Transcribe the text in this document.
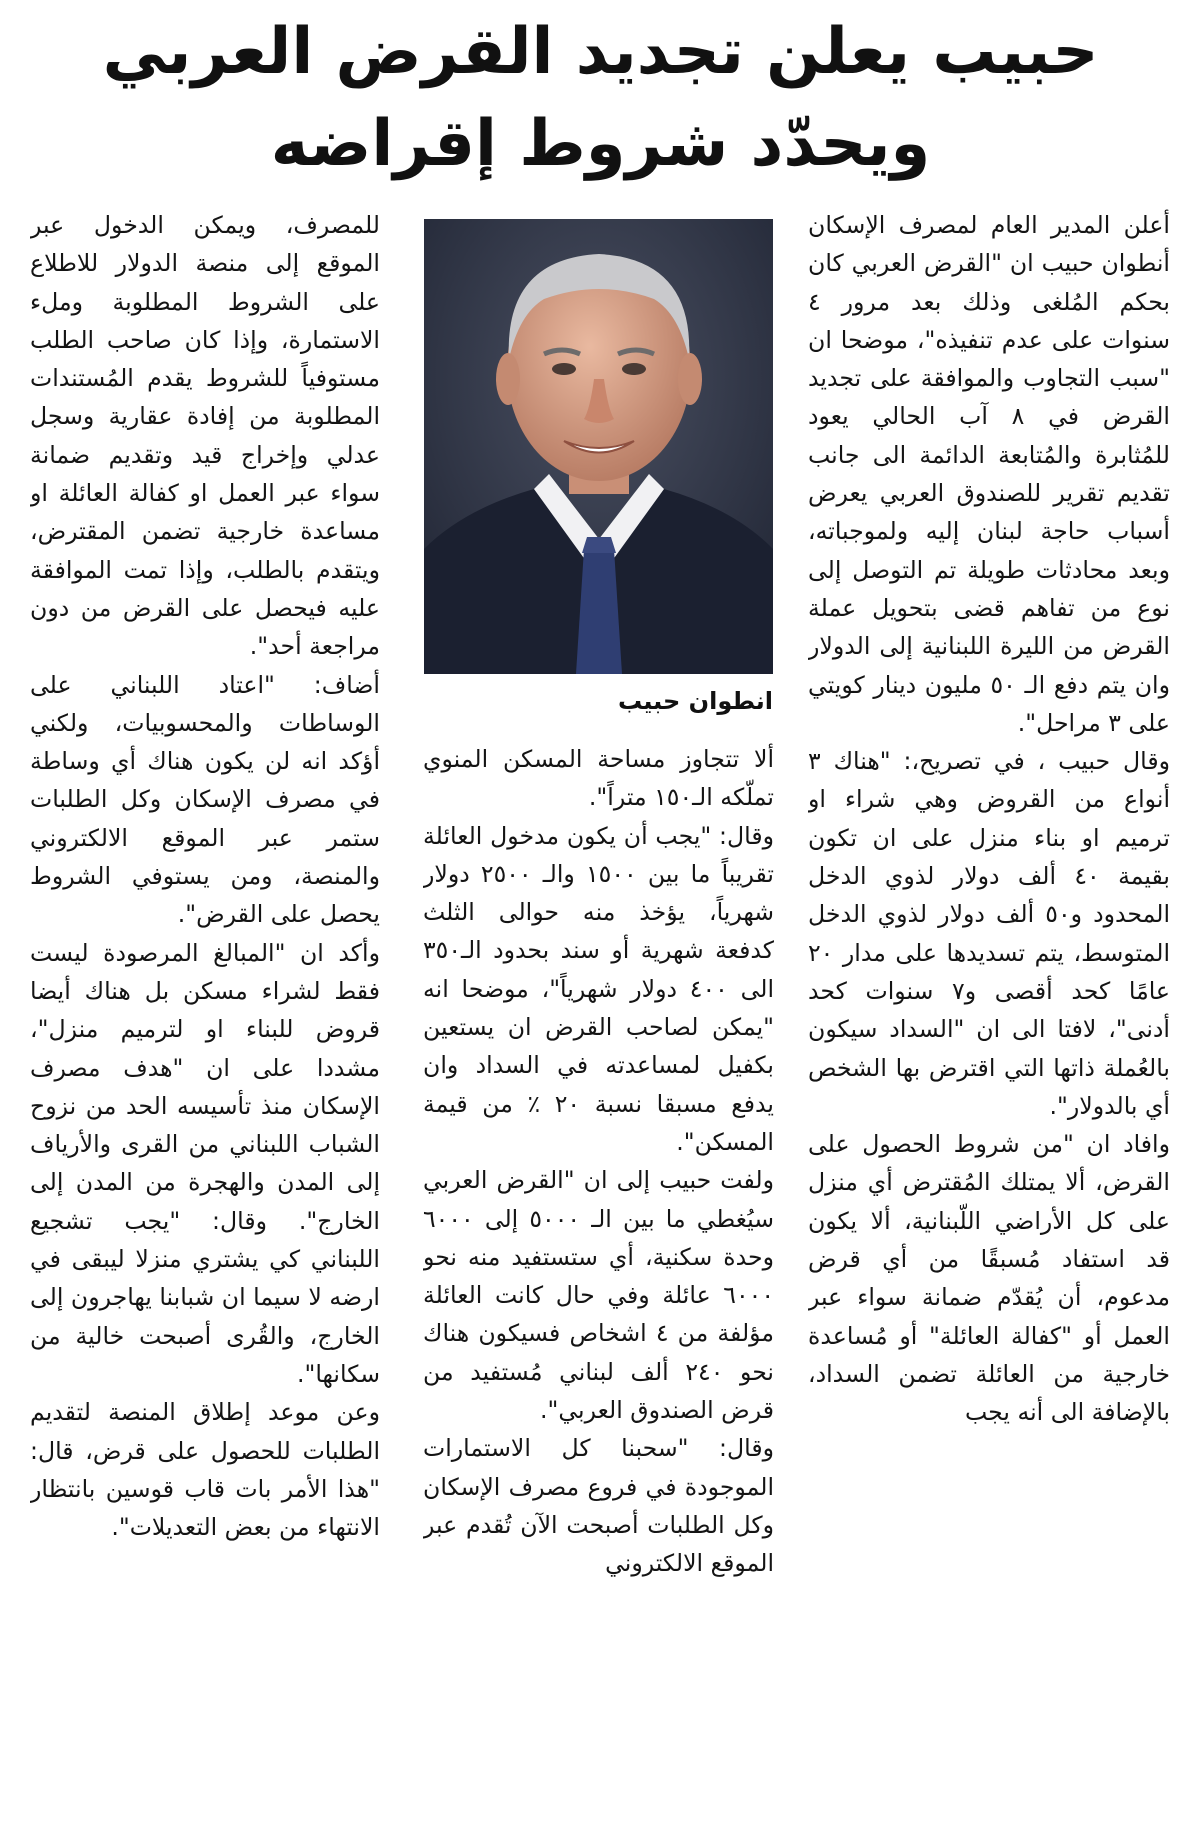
حبيب يعلن تجديد القرض العربي
ويحدّد شروط إقراضه

أعلن المدير العام لمصرف الإسكان أنطوان حبيب ان "القرض العربي كان بحكم المُلغى وذلك بعد مرور ٤ سنوات على عدم تنفيذه"، موضحا ان "سبب التجاوب والموافقة على تجديد القرض في ٨ آب الحالي يعود للمُثابرة والمُتابعة الدائمة الى جانب تقديم تقرير للصندوق العربي يعرض أسباب حاجة لبنان إليه ولموجباته، وبعد محادثات طويلة تم التوصل إلى نوع من تفاهم قضى بتحويل عملة القرض من الليرة اللبنانية إلى الدولار وان يتم دفع الـ ٥٠ مليون دينار كويتي على ٣ مراحل".

وقال حبيب ، في تصريح،: "هناك ٣ أنواع من القروض وهي شراء او ترميم او بناء منزل على ان تكون بقيمة ٤٠ ألف دولار لذوي الدخل المحدود و٥٠ ألف دولار لذوي الدخل المتوسط، يتم تسديدها على مدار ٢٠ عامًا كحد أقصى و٧ سنوات كحد أدنى"، لافتا الى ان "السداد سيكون بالعُملة ذاتها التي اقترض بها الشخص أي بالدولار".

وافاد ان "من شروط الحصول على القرض، ألا يمتلك المُقترض أي منزل على كل الأراضي اللّبنانية، ألا يكون قد استفاد مُسبقًا من أي قرض مدعوم، أن يُقدّم ضمانة سواء عبر العمل أو "كفالة العائلة" أو مُساعدة خارجية من العائلة تضمن السداد، بالإضافة الى أنه يجب

انطوان حبيب

ألا تتجاوز مساحة المسكن المنوي تملّكه الـ١٥٠ متراً".

وقال: "يجب أن يكون مدخول العائلة تقريباً ما بين ١٥٠٠ والـ ٢٥٠٠ دولار شهرياً، يؤخذ منه حوالى الثلث كدفعة شهرية أو سند بحدود الـ٣٥٠ الى ٤٠٠ دولار شهرياً"، موضحا انه "يمكن لصاحب القرض ان يستعين بكفيل لمساعدته في السداد وان يدفع مسبقا نسبة ٢٠ ٪ من قيمة المسكن".

ولفت حبيب إلى ان "القرض العربي سيُغطي ما بين الـ ٥٠٠٠ إلى ٦٠٠٠ وحدة سكنية، أي ستستفيد منه نحو ٦٠٠٠ عائلة وفي حال كانت العائلة مؤلفة من ٤ اشخاص فسيكون هناك نحو ٢٤٠ ألف لبناني مُستفيد من قرض الصندوق العربي".

وقال: "سحبنا كل الاستمارات الموجودة في فروع مصرف الإسكان وكل الطلبات أصبحت الآن تُقدم عبر الموقع الالكتروني

للمصرف، ويمكن الدخول عبر الموقع إلى منصة الدولار للاطلاع على الشروط المطلوبة وملء الاستمارة، وإذا كان صاحب الطلب مستوفياً للشروط يقدم المُستندات المطلوبة من إفادة عقارية وسجل عدلي وإخراج قيد وتقديم ضمانة سواء عبر العمل او كفالة العائلة او مساعدة خارجية تضمن المقترض، ويتقدم بالطلب، وإذا تمت الموافقة عليه فيحصل على القرض من دون مراجعة أحد".

أضاف: "اعتاد اللبناني على الوساطات والمحسوبيات، ولكني أؤكد انه لن يكون هناك أي وساطة في مصرف الإسكان وكل الطلبات ستمر عبر الموقع الالكتروني والمنصة، ومن يستوفي الشروط يحصل على القرض".

وأكد ان "المبالغ المرصودة ليست فقط لشراء مسكن بل هناك أيضا قروض للبناء او لترميم منزل"، مشددا على ان "هدف مصرف الإسكان منذ تأسيسه الحد من نزوح الشباب اللبناني من القرى والأرياف إلى المدن والهجرة من المدن إلى الخارج". وقال: "يجب تشجيع اللبناني كي يشتري منزلا ليبقى في ارضه لا سيما ان شبابنا يهاجرون إلى الخارج، والقُرى أصبحت خالية من سكانها".

وعن موعد إطلاق المنصة لتقديم الطلبات للحصول على قرض، قال: "هذا الأمر بات قاب قوسين بانتظار الانتهاء من بعض التعديلات".
